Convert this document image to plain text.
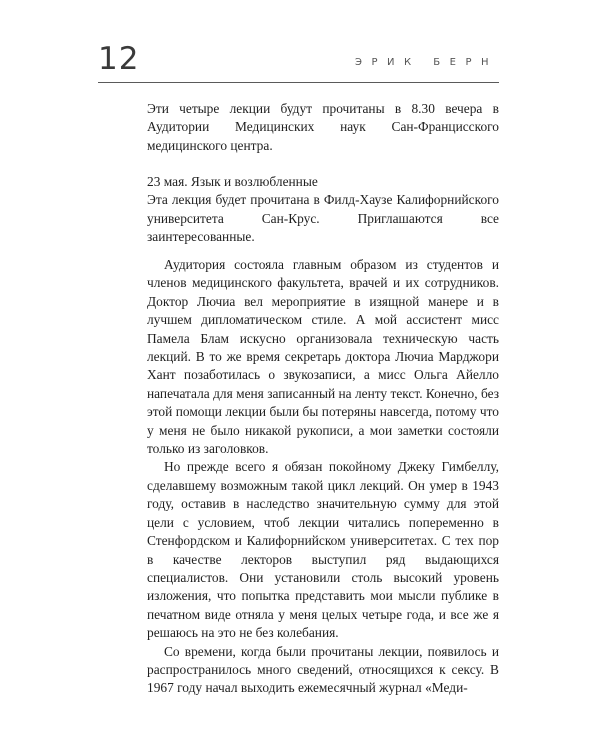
12	ЭРИК БЕРН

Эти четыре лекции будут прочитаны в 8.30 вечера в Аудитории Медицинских наук Сан-Францисского медицинского центра.

23 мая. Язык и возлюбленные

Эта лекция будет прочитана в Филд-Хаузе Калифорнийского университета Сан-Крус. Приглашаются все заинтересованные.

Аудитория состояла главным образом из студентов и членов медицинского факультета, врачей и их сотрудников. Доктор Лючиа вел мероприятие в изящной манере и в лучшем дипломатическом стиле. А мой ассистент мисс Памела Блам искусно организовала техническую часть лекций. В то же время секретарь доктора Лючиа Марджори Хант позаботилась о звукозаписи, а мисс Ольга Айелло напечатала для меня записанный на ленту текст. Конечно, без этой помощи лекции были бы потеряны навсегда, потому что у меня не было никакой рукописи, а мои заметки состояли только из заголовков.

Но прежде всего я обязан покойному Джеку Гимбеллу, сделавшему возможным такой цикл лекций. Он умер в 1943 году, оставив в наследство значительную сумму для этой цели с условием, чтоб лекции читались попеременно в Стенфордском и Калифорнийском университетах. С тех пор в качестве лекторов выступил ряд выдающихся специалистов. Они установили столь высокий уровень изложения, что попытка представить мои мысли публике в печатном виде отняла у меня целых четыре года, и все же я решаюсь на это не без колебания.

Со времени, когда были прочитаны лекции, появилось и распространилось много сведений, относящихся к сексу. В 1967 году начал выходить ежемесячный журнал «Меди-
